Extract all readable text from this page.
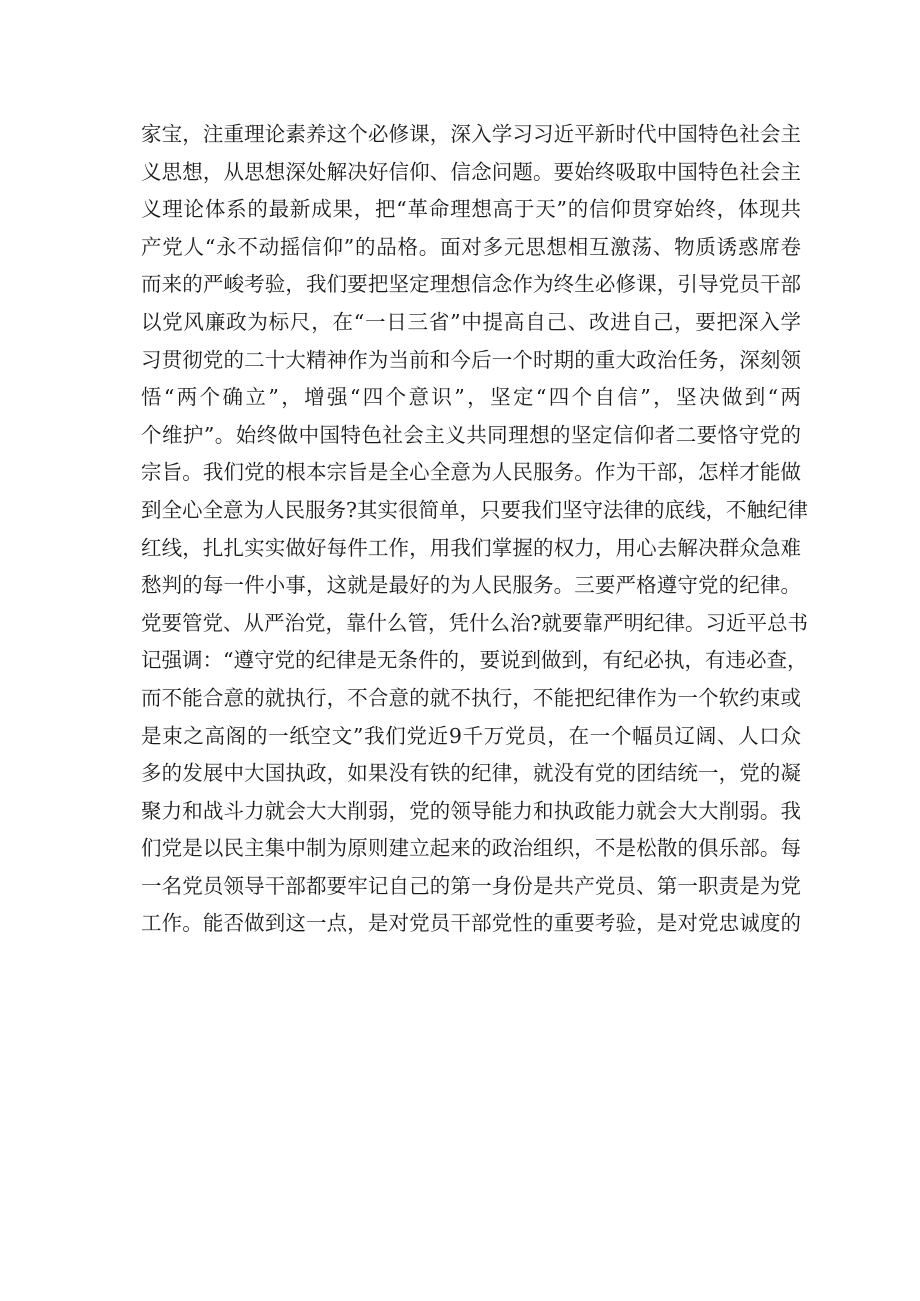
家宝，注重理论素养这个必修课，深入学习习近平新时代中国特色社会主
义思想，从思想深处解决好信仰、信念问题。要始终吸取中国特色社会主
义理论体系的最新成果，把“革命理想高于天”的信仰贯穿始终，体现共
产党人“永不动摇信仰”的品格。面对多元思想相互激荡、物质诱惑席卷
而来的严峻考验，我们要把坚定理想信念作为终生必修课，引导党员干部
以党风廉政为标尺，在“一日三省”中提高自己、改进自己，要把深入学
习贯彻党的二十大精神作为当前和今后一个时期的重大政治任务，深刻领
悟“两个确立”，增强“四个意识”，坚定“四个自信”，坚决做到“两
个维护”。始终做中国特色社会主义共同理想的坚定信仰者二要恪守党的
宗旨。我们党的根本宗旨是全心全意为人民服务。作为干部，怎样才能做
到全心全意为人民服务?其实很简单，只要我们坚守法律的底线，不触纪律
红线，扎扎实实做好每件工作，用我们掌握的权力，用心去解决群众急难
愁判的每一件小事，这就是最好的为人民服务。三要严格遵守党的纪律。
党要管党、从严治党，靠什么管，凭什么治?就要靠严明纪律。习近平总书
记强调：“遵守党的纪律是无条件的，要说到做到，有纪必执，有违必查，
而不能合意的就执行，不合意的就不执行，不能把纪律作为一个软约束或
是束之高阁的一纸空文”我们党近9千万党员，在一个幅员辽阔、人口众
多的发展中大国执政，如果没有铁的纪律，就没有党的团结统一，党的凝
聚力和战斗力就会大大削弱，党的领导能力和执政能力就会大大削弱。我
们党是以民主集中制为原则建立起来的政治组织，不是松散的俱乐部。每
一名党员领导干部都要牢记自己的第一身份是共产党员、第一职责是为党
工作。能否做到这一点，是对党员干部党性的重要考验，是对党忠诚度的
